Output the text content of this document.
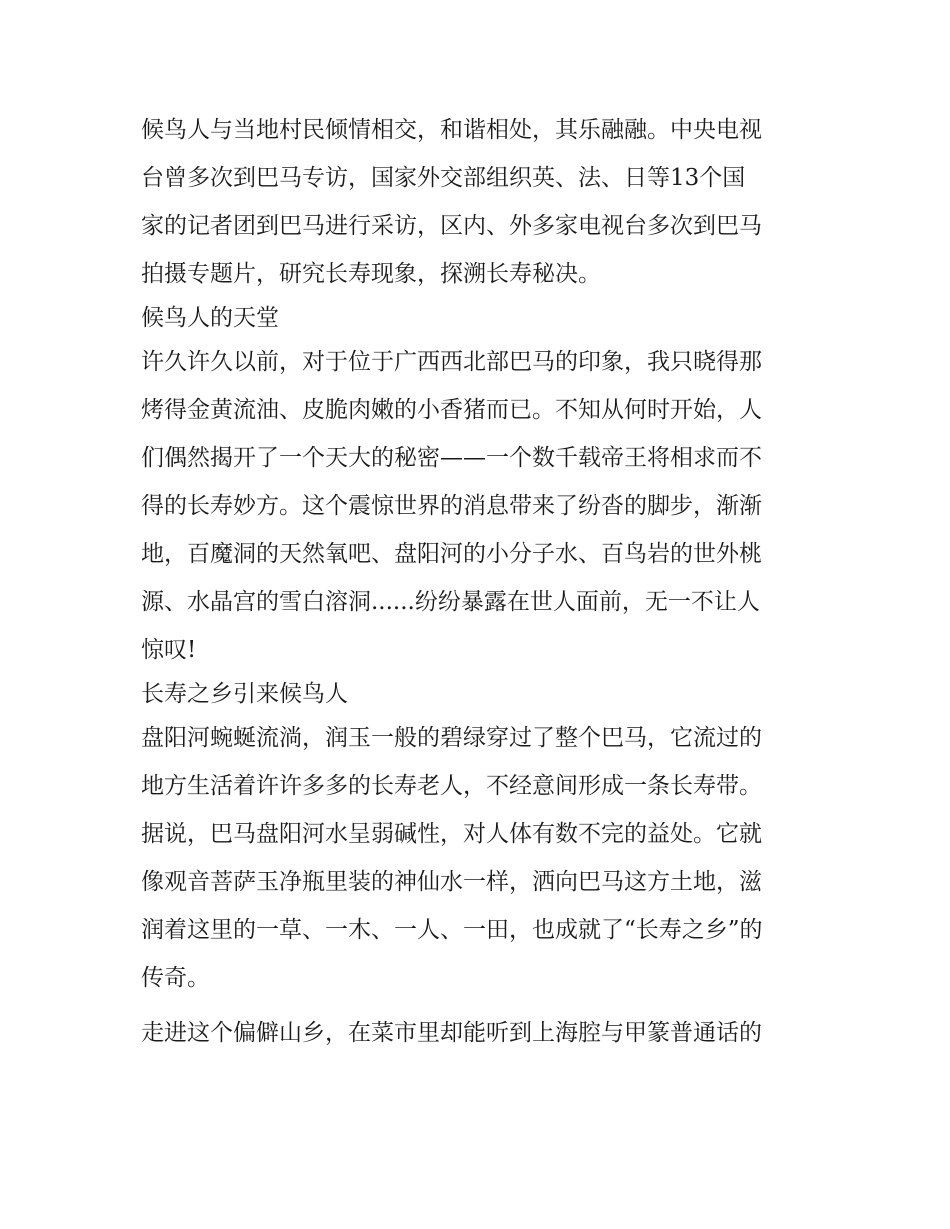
候鸟人与当地村民倾情相交，和谐相处，其乐融融。中央电视
台曾多次到巴马专访，国家外交部组织英、法、日等13个国
家的记者团到巴马进行采访，区内、外多家电视台多次到巴马
拍摄专题片，研究长寿现象，探溯长寿秘决。
候鸟人的天堂
许久许久以前，对于位于广西西北部巴马的印象，我只晓得那
烤得金黄流油、皮脆肉嫩的小香猪而已。不知从何时开始，人
们偶然揭开了一个天大的秘密——一个数千载帝王将相求而不
得的长寿妙方。这个震惊世界的消息带来了纷沓的脚步，渐渐
地，百魔洞的天然氧吧、盘阳河的小分子水、百鸟岩的世外桃
源、水晶宫的雪白溶洞......纷纷暴露在世人面前，无一不让人
惊叹!
长寿之乡引来候鸟人
盘阳河蜿蜒流淌，润玉一般的碧绿穿过了整个巴马，它流过的
地方生活着许许多多的长寿老人，不经意间形成一条长寿带。
据说，巴马盘阳河水呈弱碱性，对人体有数不完的益处。它就
像观音菩萨玉净瓶里装的神仙水一样，洒向巴马这方土地，滋
润着这里的一草、一木、一人、一田，也成就了“长寿之乡”的
传奇。
走进这个偏僻山乡，在菜市里却能听到上海腔与甲篆普通话的
